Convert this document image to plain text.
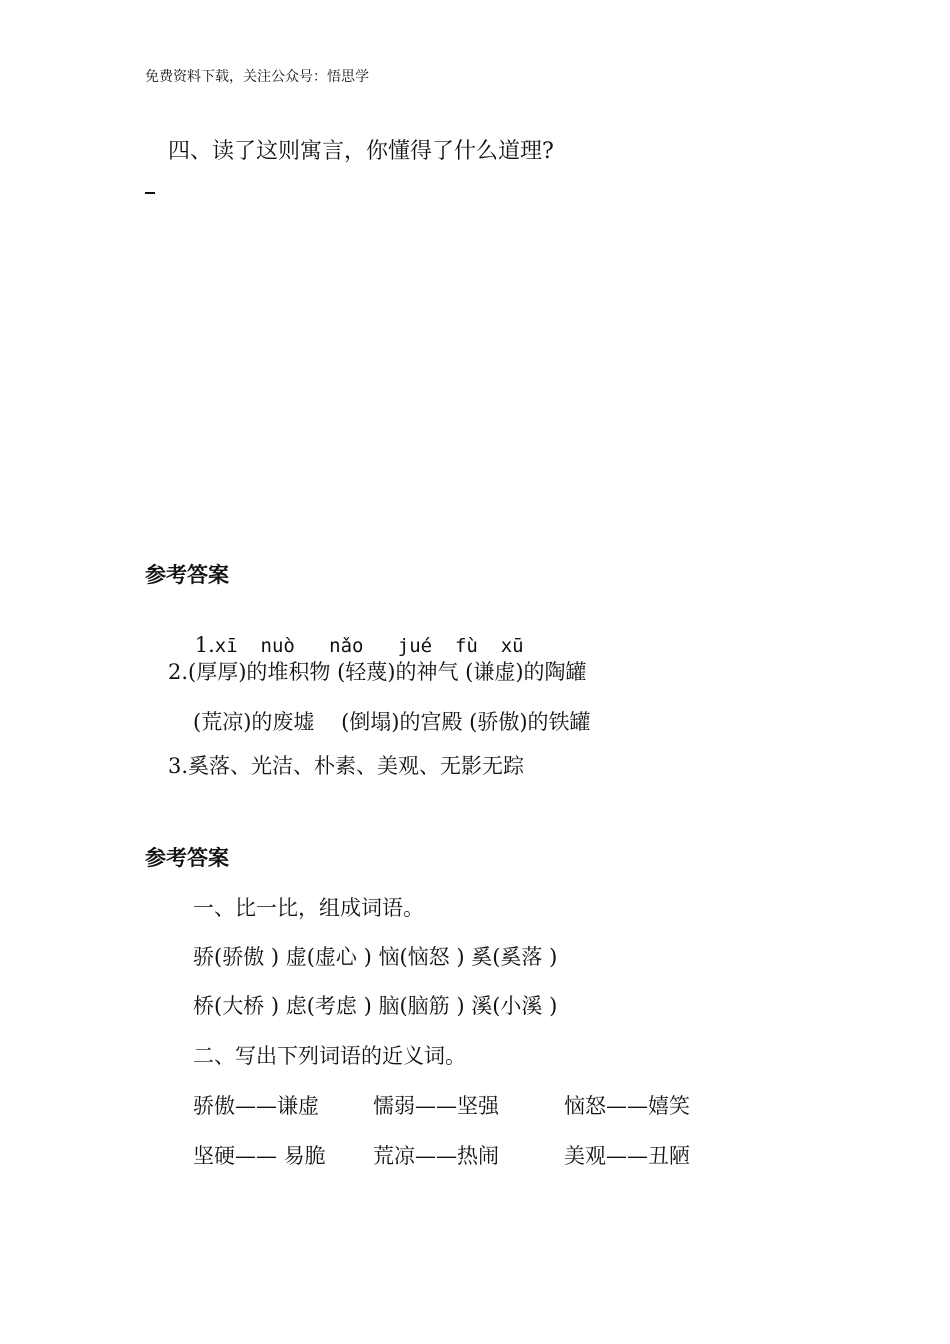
免费资料下载，关注公众号：悟思学
四、读了这则寓言，你懂得了什么道理?
参考答案

1.xī  nuò   nǎo   jué  fù  xū

2.(厚厚)的堆积物 (轻蔑)的神气 (谦虚)的陶罐
(荒凉)的废墟    (倒塌)的宫殿 (骄傲)的铁罐
3.奚落、光洁、朴素、美观、无影无踪
参考答案
一、比一比，组成词语。
骄(骄傲 ) 虚(虚心 ) 恼(恼怒 ) 奚(奚落 )
桥(大桥 ) 虑(考虑 ) 脑(脑筋 ) 溪(小溪 )
二、写出下列词语的近义词。
骄傲——谦虚	懦弱——坚强	恼怒——嬉笑
坚硬—— 易脆 荒凉——热闹	美观——丑陋
